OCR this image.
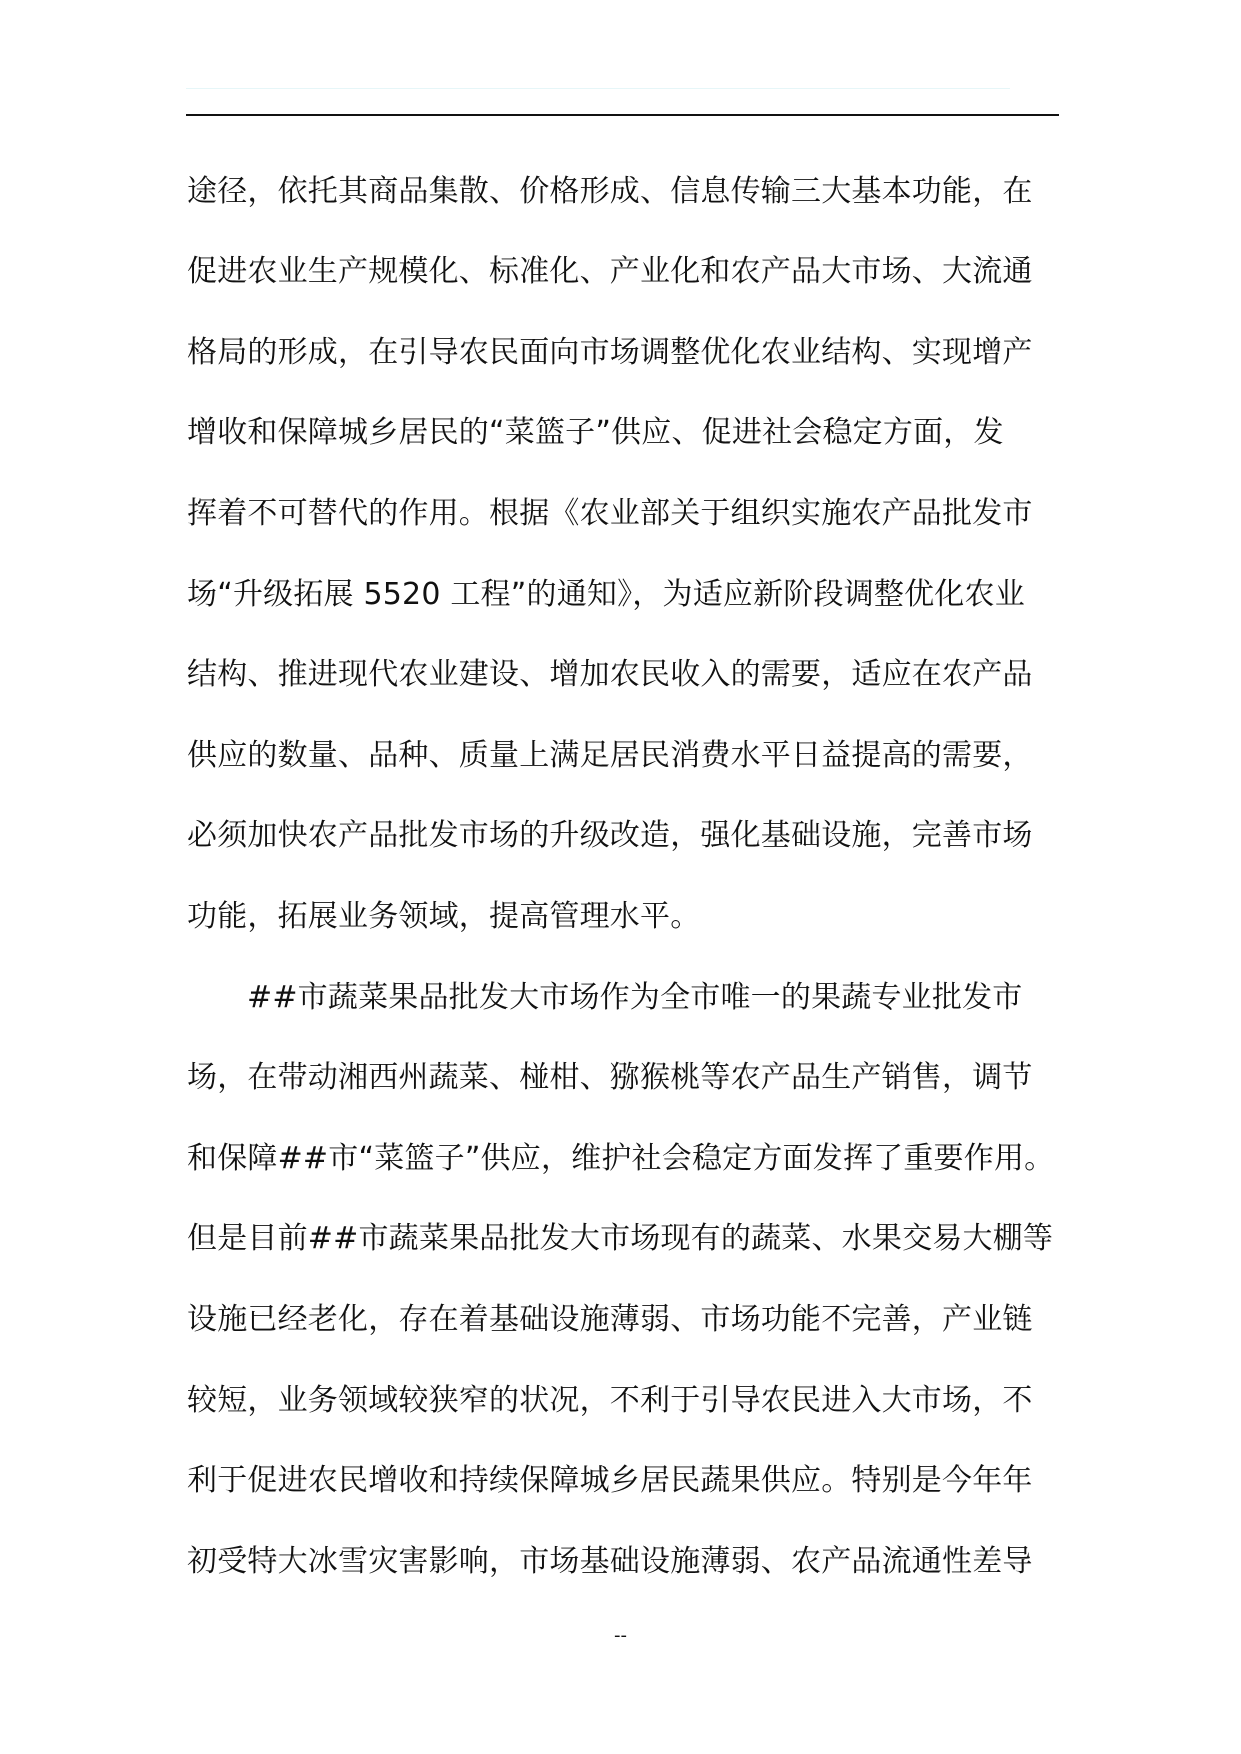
途径，依托其商品集散、价格形成、信息传输三大基本功能，在
促进农业生产规模化、标准化、产业化和农产品大市场、大流通
格局的形成，在引导农民面向市场调整优化农业结构、实现增产
增收和保障城乡居民的“菜篮子”供应、促进社会稳定方面，发
挥着不可替代的作用。根据《农业部关于组织实施农产品批发市
场“升级拓展 5520 工程”的通知》，为适应新阶段调整优化农业
结构、推进现代农业建设、增加农民收入的需要，适应在农产品
供应的数量、品种、质量上满足居民消费水平日益提高的需要，
必须加快农产品批发市场的升级改造，强化基础设施，完善市场
功能，拓展业务领域，提高管理水平。
##市蔬菜果品批发大市场作为全市唯一的果蔬专业批发市
场，在带动湘西州蔬菜、椪柑、猕猴桃等农产品生产销售，调节
和保障##市“菜篮子”供应，维护社会稳定方面发挥了重要作用。
但是目前##市蔬菜果品批发大市场现有的蔬菜、水果交易大棚等
设施已经老化，存在着基础设施薄弱、市场功能不完善，产业链
较短，业务领域较狭窄的状况，不利于引导农民进入大市场，不
利于促进农民增收和持续保障城乡居民蔬果供应。特别是今年年
初受特大冰雪灾害影响，市场基础设施薄弱、农产品流通性差导
--
